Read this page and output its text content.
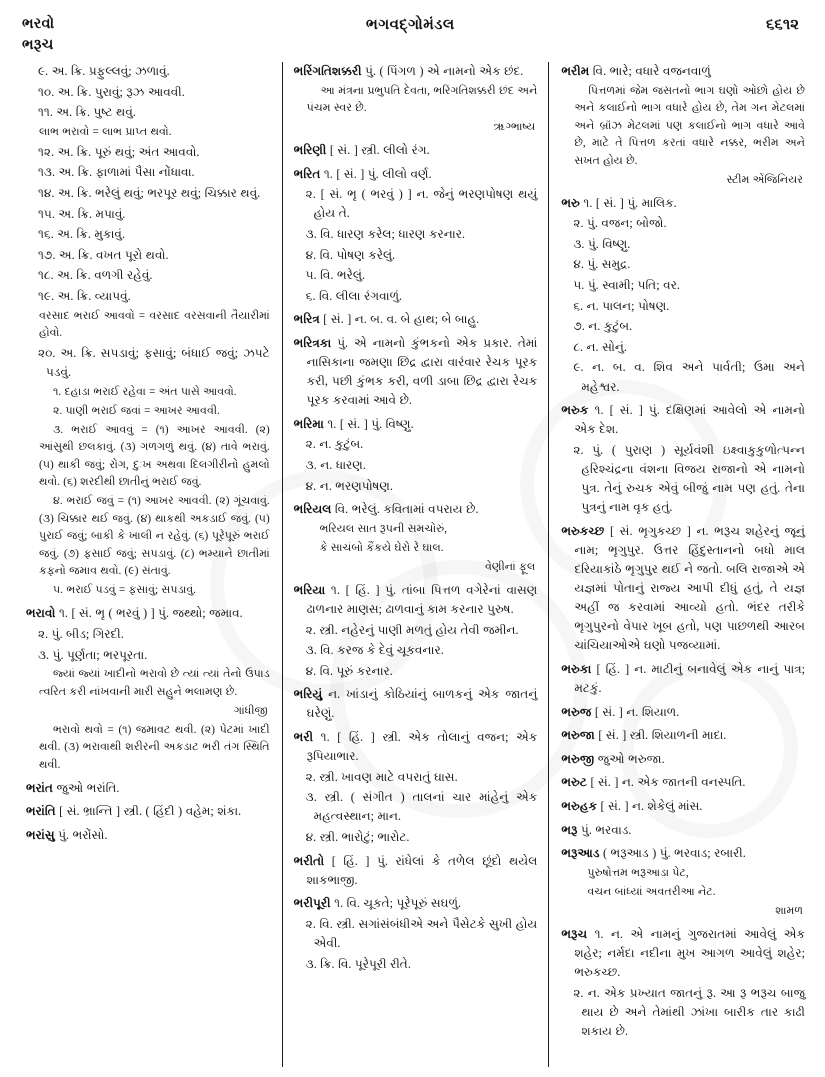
ભરવો
ભરૂચ
ભગવદ્ગોમંડલ	૬૬૧૨
૯. અ. ક્રિ. પ્રફુલ્લવું; ઝળાવું.
૧૦. અ. ક્રિ. પુરાવું; રૂઝ આવવી.
૧૧. અ. ક્રિ. પુષ્ટ થવું.
લાભ ભરાવો = લાભ પ્રાપ્ત થવો.
૧૨. અ. ક્રિ. પૂરું થવું; અંત આવવો.
૧૩. અ. ક્રિ. ફાળામાં પૈસા નોંધાવા.
૧૪. અ. ક્રિ. ભરેલું થવું; ભરપૂર થવું; ચિક્કાર થવું.
૧૫. અ. ક્રિ. મપાવું.
૧૬. અ. ક્રિ. મુકાવું.
૧૭. અ. ક્રિ. વખત પૂરો થવો.
૧૮. અ. ક્રિ. વળગી રહેવું.
૧૯. અ. ક્રિ. વ્યાપવું.
વરસાદ ભરાઈ આવવો = વરસાદ વરસવાની તૈયારીમાં હોવો.
૨૦. અ. ક્રિ. સપડાવું; ફસાવું; બંધાઈ જવું; ઝપટે પડવું.
૧. દહાડા ભરાઈ રહેવા = અંત પાસે આવવો.
૨. પાણી ભરાઈ જવાં = આખર આવવી.
૩. ભરાઈ આવવું = (૧) આખર આવવી. (૨) આંસુથી છલકાવું. (૩) ગળગળું થવું. (૪) તાવે ભરાવું. (૫) થાકી જવું; રોગ, દુઃખ અથવા દિલગીરીનો હુમલો થવો. (૬) શરદીથી છાતીનું ભરાઈ જવું.
૪. ભરાઈ જવું = (૧) આખર આવવી. (૨) ગૂંચવાવું. (૩) ચિક્કાર થઈ જવું. (૪) થાકથી અકડાઈ જવું. (૫) પુરાઈ જવું; બાકી કે ખાલી ન રહેવું. (૬) પૂરેપૂરું ભરાઈ જવું. (૭) ફસાઈ જવું; સપડાવું. (૮) ભમ્યાને છાતીમાં કફનો જમાવ થવો. (૯) સંતાવું.
૫. ભરાઈ પડવું = ફસાવું; સપડાવું.
ભરાવો ૧. [ સં. ભૃ ( ભરવું ) ] પું. જથ્થો; જમાવ.
૨. પું. બીડ; ગિરદી.
૩. પું. પૂર્ણતા; ભરપૂરતા.
જ્યાં જ્યાં ખાદીનો ભરાવો છે ત્યાં ત્યાં તેનો ઉપાડ ત્વરિત કરી નાંખવાની મારી સહુને ભલામણ છે.
ગાંધીજી
ભરાવો થવો = (૧) જમાવટ થવી. (૨) પેટમાં ખાદી થવી. (૩) ભરાવાથી શરીરની અકડાટ ભરી તંગ સ્થિતિ થવી.
ભરાંત જુઓ ભરાંતિ.
ભરાંતિ [ સં. ભ્રાન્તિ ] સ્ત્રી. ( હિંદી ) વહેમ; શંકા.
ભરાંસુ પું. ભરોંસો.
ભરિંગતિશક્કરી પું. ( પિંગળ ) એ નામનો એક છંદ.
આ મંત્રના પ્રભુપતિ દેવતા, ભરિંગતિશક્કરી છંદ અને પંચમ સ્વર છે.
ૠગ્ભાષ્ય
ભરિણી [ સં. ] સ્ત્રી. લીલો રંગ.
ભરિત ૧. [ સં. ] પું. લીલો વર્ણ.
૨. [ સં. ભૃ ( ભરવું ) ] ન. જેનું ભરણપોષણ થયું હોય તે.
૩. વિ. ધારણ કરેલ; ધારણ કરનાર.
૪. વિ. પોષણ કરેલું.
૫. વિ. ભરેલું.
૬. વિ. લીલા રંગવાળું.
ભરિત્ર [ સં. ] ન. બ. વ. બે હાથ; બે બાહુ.
ભરિત્રકા પું. એ નામનો કુંભકનો એક પ્રકાર. તેમાં નાસિકાના જમણા છિદ્ર દ્વારા વારંવાર રેચક પૂરક કરી, પછી કુંભક કરી, વળી ડાબા છિદ્ર દ્વારા રેચક પૂરક કરવામાં આવે છે.
ભરિમા ૧. [ સં. ] પું. વિષ્ણુ.
૨. ન. કુટુંબ.
૩. ન. ધારણ.
૪. ન. ભરણપોષણ.
ભરિયલ વિ. ભરેલું. કવિતામાં વપરાય છે.
ભરિયલ સાત રૂપની સમચોરું,
કે સાચંબો કૈંકયે ઘેરો રે ઘાલ.
વેણીનાં ફૂલ
ભરિયા ૧. [ હિં. ] પું. તાંબા પિત્તળ વગેરેનાં વાસણ ઢાળનાર માણસ; ઢાળવાનું કામ કરનાર પુરુષ.
૨. સ્ત્રી. નહેરનું પાણી મળતું હોય તેવી જમીન.
૩. વિ. કરજ કે દેવું ચૂકવનાર.
૪. વિ. પૂરું કરનાર.
ભરિયું ન. ખાંડાનું કોઠિયાંનું બાળકનું એક જાતનું ઘરેણું.
ભરી ૧. [ હિં. ] સ્ત્રી. એક તોલાનું વજન; એક રૂપિયાભાર.
૨. સ્ત્રી. ખાવણ માટે વપરાતું ઘાસ.
૩. સ્ત્રી. ( સંગીત ) તાલનાં ચાર માંહેનું એક મહત્વસ્થાન; માન.
૪. સ્ત્રી. ભારોટું; ભારોટ.
ભરીતો [ હિં. ] પું. રાંધેલાં કે તળેલ છૂંદો થયેલ શાકભાજી.
ભરીપૂરી ૧. વિ. ચૂકતે; પૂરેપૂરું સઘળું.
૨. વિ. સ્ત્રી. સગાંસંબંધીએ અને પૈસેટકે સુખી હોય એવી.
૩. ક્રિ. વિ. પૂરેપૂરી રીતે.
ભરીમ વિ. ભારે; વધારે વજનવાળું
પિત્તળમાં જેમ જસતનો ભાગ ઘણો ઓછો હોય છે અને કલાઈનો ભાગ વધારે હોય છે, તેમ ગન મેટલમાં અને બ્રૉંઝ મેટલમાં પણ કલાઈનો ભાગ વધારે આવે છે, માટે તે પિત્તળ કરતાં વધારે નક્કર, ભરીમ અને સખત હોય છે.
સ્ટીમ એંજિનિયર
ભરુ ૧. [ સં. ] પું. માલિક.
૨. પું. વજન; બોજો.
૩. પું. વિષ્ણુ.
૪. પું. સમુદ્ર.
૫. પું. સ્વામી; પતિ; વર.
૬. ન. પાલન; પોષણ.
૭. ન. કુટુંબ.
૮. ન. સોનું.
૯. ન. બ. વ. શિવ અને પાર્વતી; ઉમા અને મહેશ્વર.
ભરુક ૧. [ સં. ] પું. દક્ષિણમાં આવેલો એ નામનો એક દેશ.
૨. પું. ( પુરાણ ) સૂર્યવંશી ઇક્ષ્વાકુકુળોત્પન્ન હરિશ્ચંદ્રના વંશના વિજય રાજાનો એ નામનો પુત્ર. તેનું રુચક એવું બીજું નામ પણ હતું. તેના પુત્રનું નામ વૃક હતું.
ભરુકચ્છ [ સં. ભૃગુકચ્છ ] ન. ભરૂચ શહેરનું જૂનું નામ; ભૃગુપુર. ઉત્તર હિંદુસ્તાનનો બધો માલ દરિયાકાંઠે ભૃગુપુર થઈ ને જતો. બલિ રાજાએ એ યજ્ઞમાં પોતાનું રાજ્ય આપી દીધું હતું, તે યજ્ઞ અહીં જ કરવામાં આવ્યો હતો. ભંદર તરીકે ભૃગુપુરનો વેપાર ખૂબ હતો, પણ પાછળથી આરબ ચાંચિયાઓએ ઘણો પજવ્યામાં.
ભરુકા [ હિં. ] ન. માટીનું બનાવેલું એક નાનું પાત્ર; મટકું.
ભરુજ [ સં. ] ન. શિયાળ.
ભરુજા [ સં. ] સ્ત્રી. શિયાળની માદા.
ભરુજી જુઓ ભરુજા.
ભરુટ [ સં. ] ન. એક જાતની વનસ્પતિ.
ભરુહક [ સં. ] ન. શેકેલું માંસ.
ભરૂ પું. ભરવાડ.
ભરૂઆડ ( ભરૂઆડ ) પું. ભરવાડ; રબારી.
પુરુષોત્તમ ભરૂઆડા પેટ,
વચન બાંધ્યાં અવતરીઆ નેટ.
શામળ
ભરૂચ ૧. ન. એ નામનું ગુજરાતમાં આવેલું એક શહેર; નર્મદા નદીના મુખ આગળ આવેલું શહેર; ભરુકચ્છ.
૨. ન. એક પ્રખ્યાત જાતનું રૂ. આ રૂ ભરૂચ બાજુ થાય છે અને તેમાંથી ઝાંખા બારીક તાર કાઢી શકાય છે.
